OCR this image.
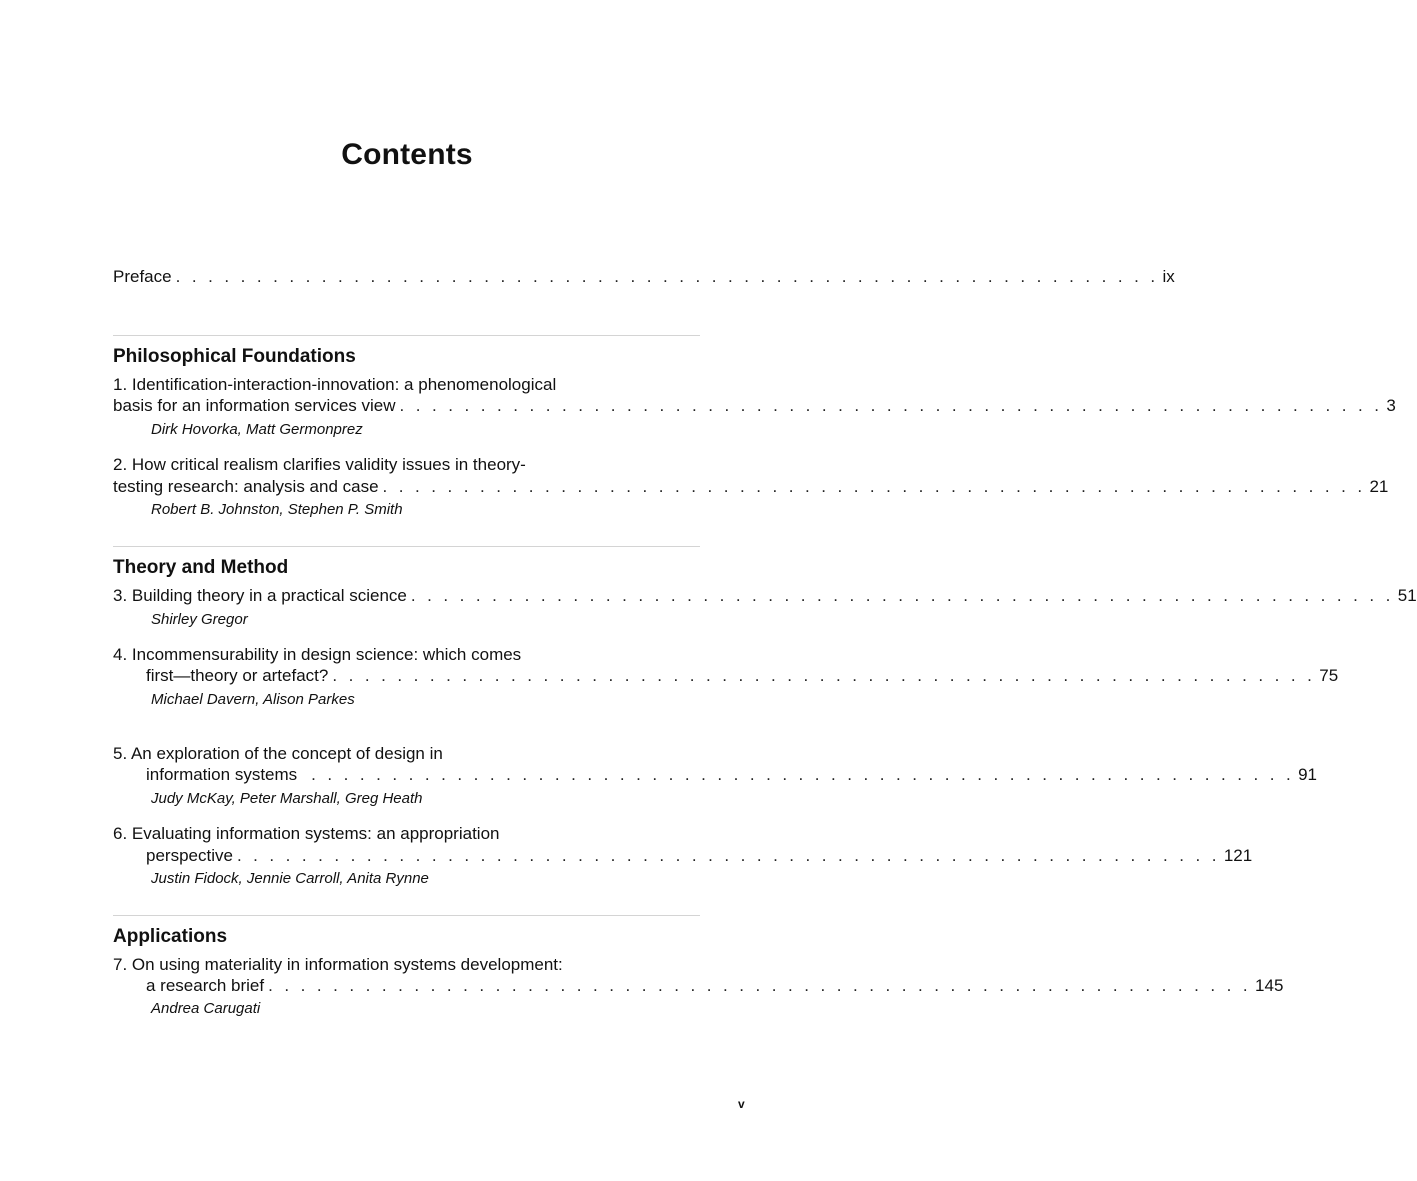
Contents
Preface . . . . . . . . . . . . . . . . . . . . . . . . . . . . . . . . . . . . . . . . . . . . . . . . . . . . . . . . . . . . . ix
Philosophical Foundations
1. Identification-interaction-innovation: a phenomenological
basis for an information services view . . . . . . . . . . . . . . . . . . . . . . . . . . . . . . . . . . . . . . . . . . . . . . . . . . . . . . . . . . . . . 3
Dirk Hovorka, Matt Germonprez
2. How critical realism clarifies validity issues in theory-
testing research: analysis and case . . . . . . . . . . . . . . . . . . . . . . . . . . . . . . . . . . . . . . . . . . . . . . . . . . . . . . . . . . . . . 21
Robert B. Johnston, Stephen P. Smith
Theory and Method
3. Building theory in a practical science . . . . . . . . . . . . . . . . . . . . . . . . . . . . . . . . . . . . . . . . . . . . . . . . . . . . . . . . . . . . . 51
Shirley Gregor
4. Incommensurability in design science: which comes
first—theory or artefact? . . . . . . . . . . . . . . . . . . . . . . . . . . . . . . . . . . . . . . . . . . . . . . . . . . . . . . . . . . . . . 75
Michael Davern, Alison Parkes
5. An exploration of the concept of design in
information systems . . . . . . . . . . . . . . . . . . . . . . . . . . . . . . . . . . . . . . . . . . . . . . . . . . . . . . . . . . . . . 91
Judy McKay, Peter Marshall, Greg Heath
6. Evaluating information systems: an appropriation
perspective . . . . . . . . . . . . . . . . . . . . . . . . . . . . . . . . . . . . . . . . . . . . . . . . . . . . . . . . . . . . . 121
Justin Fidock, Jennie Carroll, Anita Rynne
Applications
7. On using materiality in information systems development:
a research brief . . . . . . . . . . . . . . . . . . . . . . . . . . . . . . . . . . . . . . . . . . . . . . . . . . . . . . . . . . . . . 145
Andrea Carugati
v
